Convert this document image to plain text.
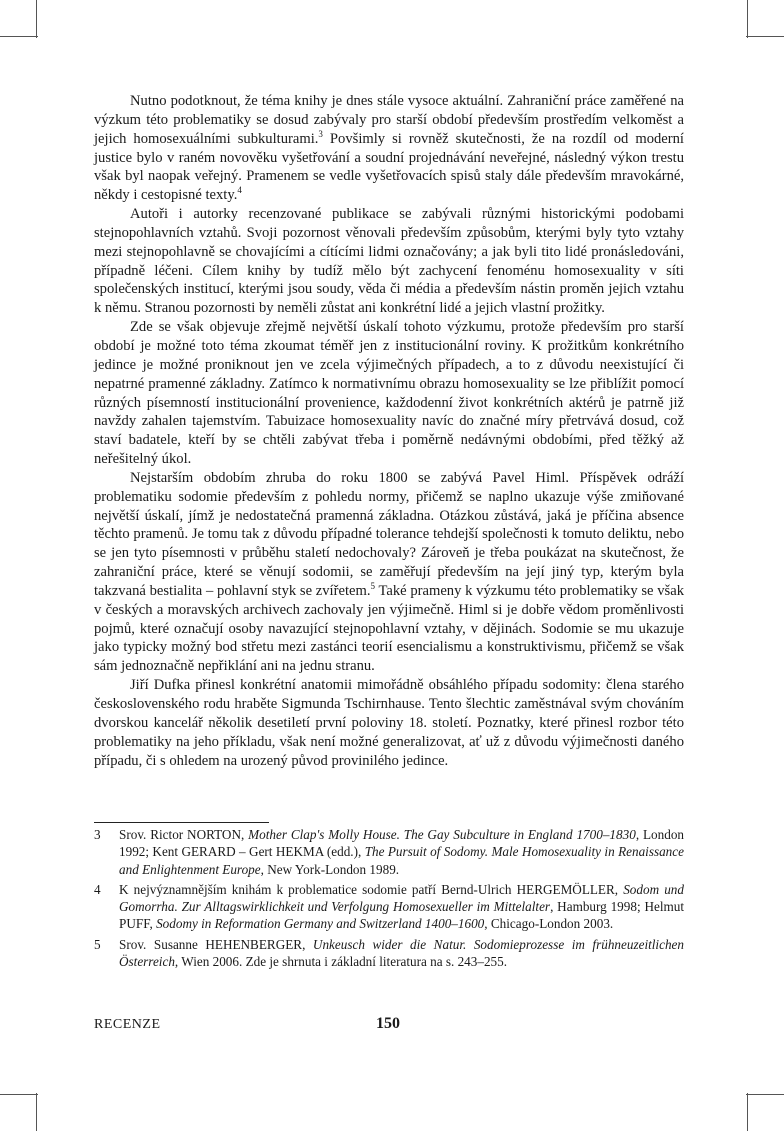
Nutno podotknout, že téma knihy je dnes stále vysoce aktuální. Zahraniční práce zaměřené na výzkum této problematiky se dosud zabývaly pro starší období především prostředím velkoměst a jejich homosexuálními subkulturami.$^3$ Povšimly si rovněž skutečnosti, že na rozdíl od moderní justice bylo v raném novověku vyšetřování a soudní projednávání neveřejné, následný výkon trestu však byl naopak veřejný. Pramenem se vedle vyšetřovacích spisů staly dále především mravokárné, někdy i cestopisné texty.$^4$

Autoři i autorky recenzované publikace se zabývali různými historickými podobami stejnopohlavních vztahů. Svoji pozornost věnovali především způsobům, kterými byly tyto vztahy mezi stejnopohlavně se chovajícími a cítícími lidmi označovány; a jak byli tito lidé pronásledováni, případně léčeni. Cílem knihy by tudíž mělo být zachycení fenoménu homosexuality v síti společenských institucí, kterými jsou soudy, věda či média a především nástin proměn jejich vztahu k němu. Stranou pozornosti by neměli zůstat ani konkrétní lidé a jejich vlastní prožitky.

Zde se však objevuje zřejmě největší úskalí tohoto výzkumu, protože především pro starší období je možné toto téma zkoumat téměř jen z institucionální roviny. K prožitkům konkrétního jedince je možné proniknout jen ve zcela výjimečných případech, a to z důvodu neexistující či nepatrné pramenné základny. Zatímco k normativnímu obrazu homosexuality se lze přiblížit pomocí různých písemností institucionální provenience, každodenní život konkrétních aktérů je patrně již navždy zahalen tajemstvím. Tabuizace homosexuality navíc do značné míry přetrvává dosud, což staví badatele, kteří by se chtěli zabývat třeba i poměrně nedávnými obdobími, před těžký až neřešitelný úkol.

Nejstarším obdobím zhruba do roku 1800 se zabývá Pavel Himl. Příspěvek odráží problematiku sodomie především z pohledu normy, přičemž se naplno ukazuje výše zmiňované největší úskalí, jímž je nedostatečná pramenná základna. Otázkou zůstává, jaká je příčina absence těchto pramenů. Je tomu tak z důvodu případné tolerance tehdejší společnosti k tomuto deliktu, nebo se jen tyto písemnosti v průběhu staletí nedochovaly? Zároveň je třeba poukázat na skutečnost, že zahraniční práce, které se věnují sodomii, se zaměřují především na její jiný typ, kterým byla takzvaná bestialita – pohlavní styk se zvířetem.$^5$ Také prameny k výzkumu této problematiky se však v českých a moravských archivech zachovaly jen výjimečně. Himl si je dobře vědom proměnlivosti pojmů, které označují osoby navazující stejnopohlavní vztahy, v dějinách. Sodomie se mu ukazuje jako typicky možný bod střetu mezi zastánci teorií esencialismu a konstruktivismu, přičemž se však sám jednoznačně nepřiklání ani na jednu stranu.

Jiří Dufka přinesl konkrétní anatomii mimořádně obsáhlého případu sodomity: člena starého československého rodu hraběte Sigmunda Tschirnhause. Tento šlechtic zaměstnával svým chováním dvorskou kancelář několik desetiletí první poloviny 18. století. Poznatky, které přinesl rozbor této problematiky na jeho příkladu, však není možné generalizovat, ať už z důvodu výjimečnosti daného případu, či s ohledem na urozený původ provinilého jedince.

3 Srov. Rictor NORTON, Mother Clap's Molly House. The Gay Subculture in England 1700–1830, London 1992; Kent GERARD – Gert HEKMA (edd.), The Pursuit of Sodomy. Male Homosexuality in Renaissance and Enlightenment Europe, New York-London 1989.
4 K nejvýznamnějším knihám k problematice sodomie patří Bernd-Ulrich HERGEMÖLLER, Sodom und Gomorrha. Zur Alltagswirklichkeit und Verfolgung Homosexueller im Mittelalter, Hamburg 1998; Helmut PUFF, Sodomy in Reformation Germany and Switzerland 1400–1600, Chicago-London 2003.
5 Srov. Susanne HEHENBERGER, Unkeusch wider die Natur. Sodomieprozesse im frühneuzeitlichen Österreich, Wien 2006. Zde je shrnuta i základní literatura na s. 243–255.
RECENZE	150
